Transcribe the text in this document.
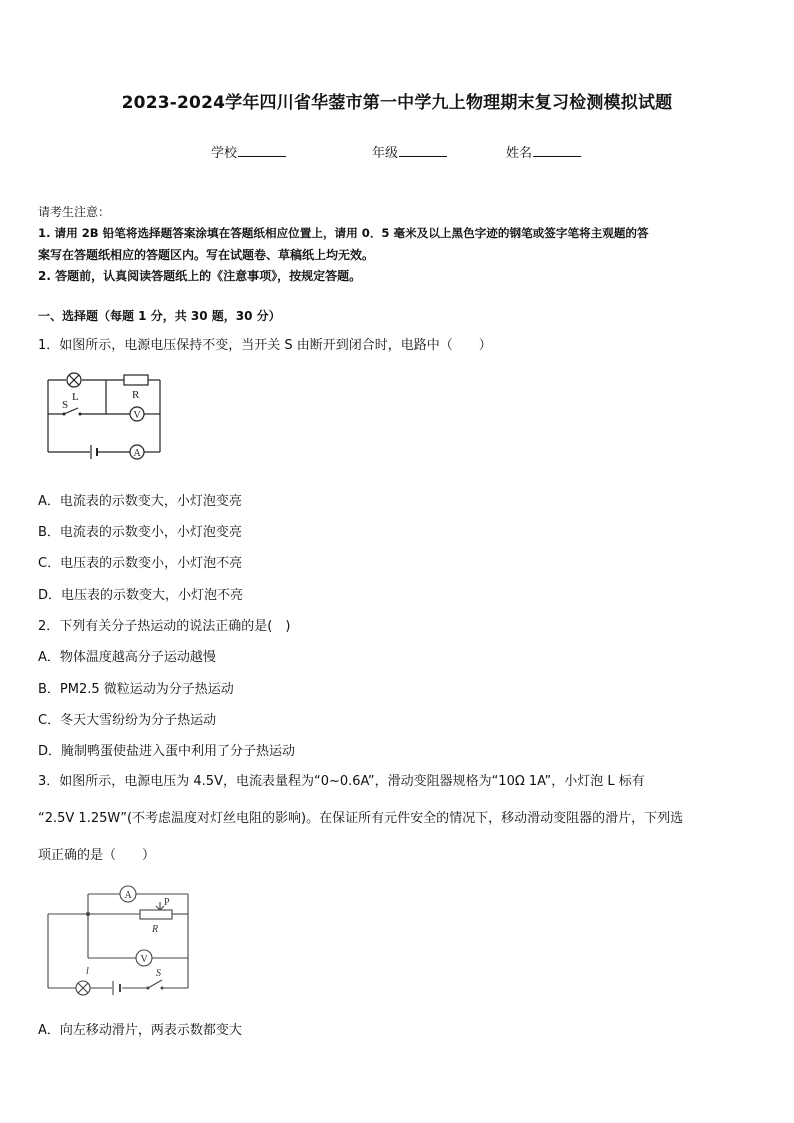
2023-2024学年四川省华蓥市第一中学九上物理期末复习检测模拟试题
学校	年级	姓名
请考生注意：
1. 请用 2B 铅笔将选择题答案涂填在答题纸相应位置上，请用 0．5 毫米及以上黑色字迹的钢笔或签字笔将主观题的答
案写在答题纸相应的答题区内。写在试题卷、草稿纸上均无效。
2. 答题前，认真阅读答题纸上的《注意事项》，按规定答题。
一、选择题（每题 1 分，共 30 题，30 分）
1．如图所示，电源电压保持不变，当开关 S 由断开到闭合时，电路中（　　）
L	R
S
V
A
A．电流表的示数变大，小灯泡变亮
B．电流表的示数变小，小灯泡变亮
C．电压表的示数变小，小灯泡不亮
D．电压表的示数变大，小灯泡不亮
2．下列有关分子热运动的说法正确的是(　)
A．物体温度越高分子运动越慢
B．PM2.5 微粒运动为分子热运动
C．冬天大雪纷纷为分子热运动
D．腌制鸭蛋使盐进入蛋中利用了分子热运动
3．如图所示，电源电压为 4.5V，电流表量程为“0~0.6A”，滑动变阻器规格为“10Ω 1A”，小灯泡 L 标有
“2.5V 1.25W”(不考虑温度对灯丝电阻的影响)。在保证所有元件安全的情况下，移动滑动变阻器的滑片，下列选
项正确的是（　　）
A
P
R
V
l	S
A．向左移动滑片，两表示数都变大
